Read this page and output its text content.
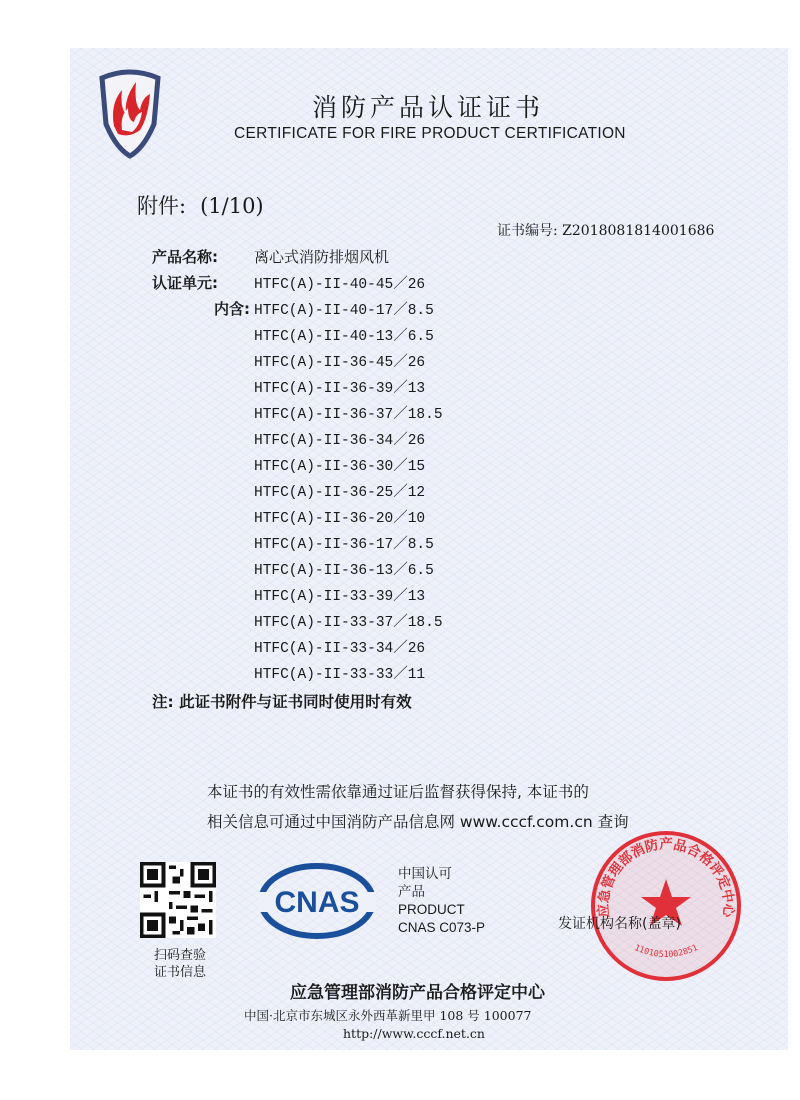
消防产品认证证书
CERTIFICATE FOR FIRE PRODUCT CERTIFICATION
附件: (1/10)
证书编号: Z2018081814001686
产品名称: 离心式消防排烟风机
认证单元: HTFC(A)-II-40-45／26
内含: HTFC(A)-II-40-17／8.5
HTFC(A)-II-40-13／6.5
HTFC(A)-II-36-45／26
HTFC(A)-II-36-39／13
HTFC(A)-II-36-37／18.5
HTFC(A)-II-36-34／26
HTFC(A)-II-36-30／15
HTFC(A)-II-36-25／12
HTFC(A)-II-36-20／10
HTFC(A)-II-36-17／8.5
HTFC(A)-II-36-13／6.5
HTFC(A)-II-33-39／13
HTFC(A)-II-33-37／18.5
HTFC(A)-II-33-34／26
HTFC(A)-II-33-33／11
注: 此证书附件与证书同时使用时有效
本证书的有效性需依靠通过证后监督获得保持, 本证书的
相关信息可通过中国消防产品信息网 www.cccf.com.cn 查询
扫码查验
证书信息
CNAS
中国认可
产品
PRODUCT
CNAS C073-P
应急管理部消防产品合格评定中心
1101051002851
发证机构名称(盖章)
应急管理部消防产品合格评定中心
中国·北京市东城区永外西革新里甲 108 号 100077
http://www.cccf.net.cn
